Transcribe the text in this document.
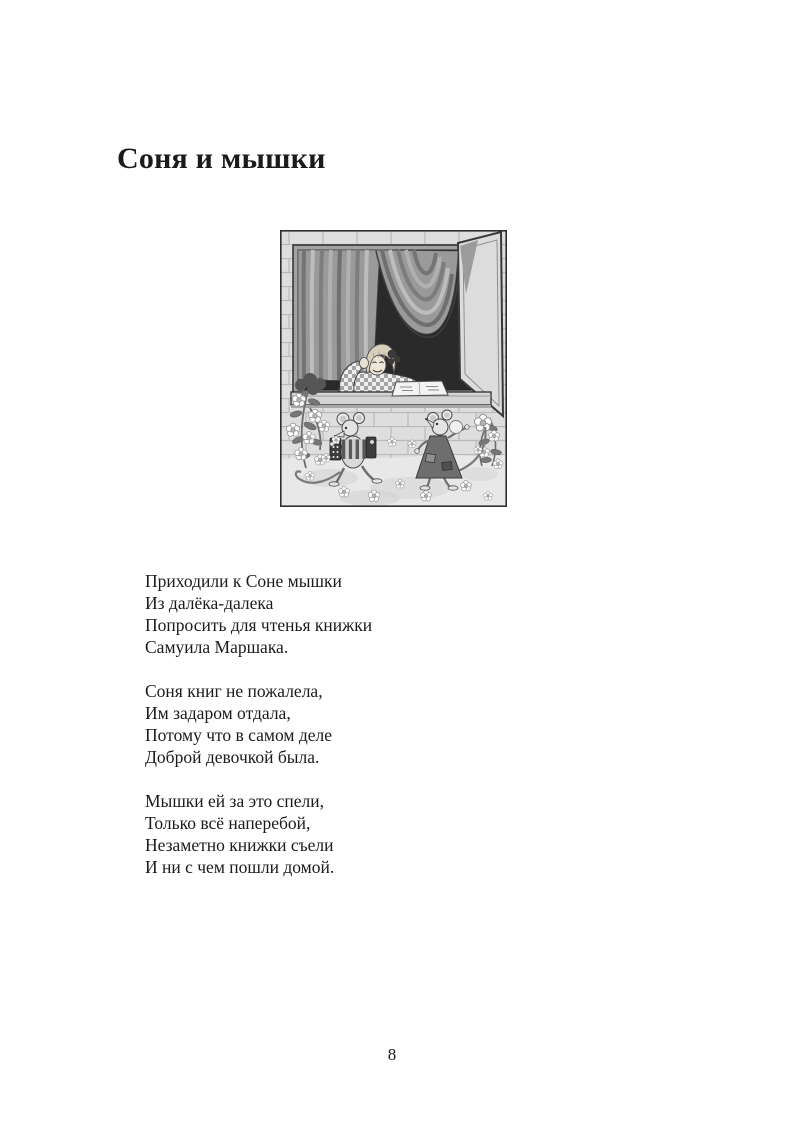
Соня и мышки

Приходили к Соне мышки

Из далёка-далека

Попросить для чтенья книжки

Самуила Маршака.

Соня книг не пожалела,

Им задаром отдала,

Потому что в самом деле

Доброй девочкой была.

Мышки ей за это спели,

Только всё наперебой,

Незаметно книжки съели

И ни с чем пошли домой.

8
